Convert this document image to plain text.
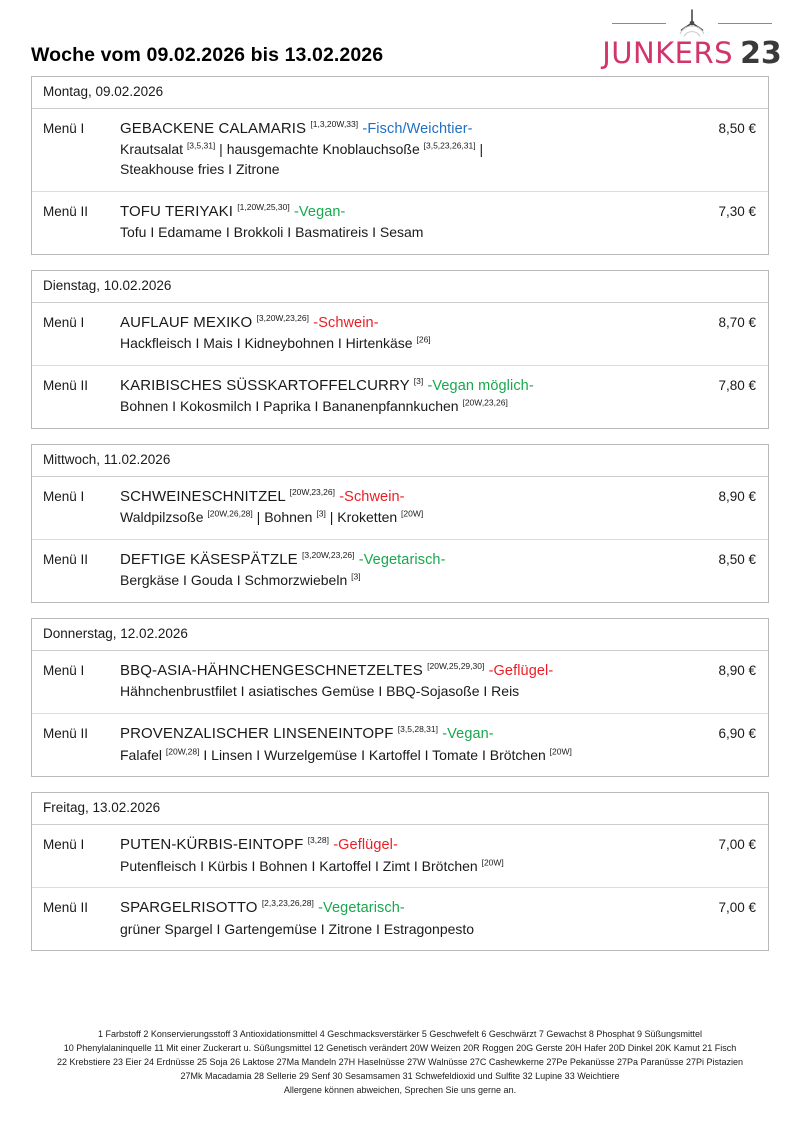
JUNKERS 23
Woche vom 09.02.2026 bis 13.02.2026
Montag, 09.02.2026
Menü I	GEBACKENE CALAMARIS [1,3,20W,33] -Fisch/Weichtier-
Krautsalat [3,5,31] | hausgemachte Knoblauchsoße [3,5,23,26,31] |
Steakhouse fries I Zitrone
8,50 €
Menü II	TOFU TERIYAKI [1,20W,25,30] -Vegan-
Tofu I Edamame I Brokkoli I Basmatireis I Sesam
7,30 €
Dienstag, 10.02.2026
Menü I	AUFLAUF MEXIKO [3,20W,23,26] -Schwein-
Hackfleisch I Mais I Kidneybohnen I Hirtenkäse [26]
8,70 €
Menü II	KARIBISCHES SÜSSKARTOFFELCURRY [3] -Vegan möglich-
Bohnen I Kokosmilch I Paprika I Bananenpfannkuchen [20W,23,26]
7,80 €
Mittwoch, 11.02.2026
Menü I	SCHWEINESCHNITZEL [20W,23,26] -Schwein-
Waldpilzsoße [20W,26,28] | Bohnen [3] | Kroketten [20W]
8,90 €
Menü II	DEFTIGE KÄSESPÄTZLE [3,20W,23,26] -Vegetarisch-
Bergkäse I Gouda I Schmorzwiebeln [3]
8,50 €
Donnerstag, 12.02.2026
Menü I	BBQ-ASIA-HÄHNCHENGESCHNETZELTES [20W,25,29,30] -Geflügel-
Hähnchenbrustfilet I asiatisches Gemüse I BBQ-Sojasoße I Reis
8,90 €
Menü II	PROVENZALISCHER LINSENEINTOPF [3,5,28,31] -Vegan-
Falafel [20W,28] I Linsen I Wurzelgemüse I Kartoffel I Tomate I Brötchen [20W]
6,90 €
Freitag, 13.02.2026
Menü I	PUTEN-KÜRBIS-EINTOPF [3,28] -Geflügel-
Putenfleisch I Kürbis I Bohnen I Kartoffel I Zimt I Brötchen [20W]
7,00 €
Menü II	SPARGELRISOTTO [2,3,23,26,28] -Vegetarisch-
grüner Spargel I Gartengemüse I Zitrone I Estragonpesto
7,00 €
1 Farbstoff 2 Konservierungsstoff 3 Antioxidationsmittel 4 Geschmacksverstärker 5 Geschwefelt 6 Geschwärzt 7 Gewachst 8 Phosphat 9 Süßungsmittel
10 Phenylalaninquelle 11 Mit einer Zuckerart u. Süßungsmittel 12 Genetisch verändert 20W Weizen 20R Roggen 20G Gerste 20H Hafer 20D Dinkel 20K Kamut 21 Fisch
22 Krebstiere 23 Eier 24 Erdnüsse 25 Soja 26 Laktose 27Ma Mandeln 27H Haselnüsse 27W Walnüsse 27C Cashewkerne 27Pe Pekanüsse 27Pa Paranüsse 27Pi Pistazien
27Mk Macadamia 28 Sellerie 29 Senf 30 Sesamsamen 31 Schwefeldioxid und Sulfite 32 Lupine 33 Weichtiere
Allergene können abweichen, Sprechen Sie uns gerne an.
